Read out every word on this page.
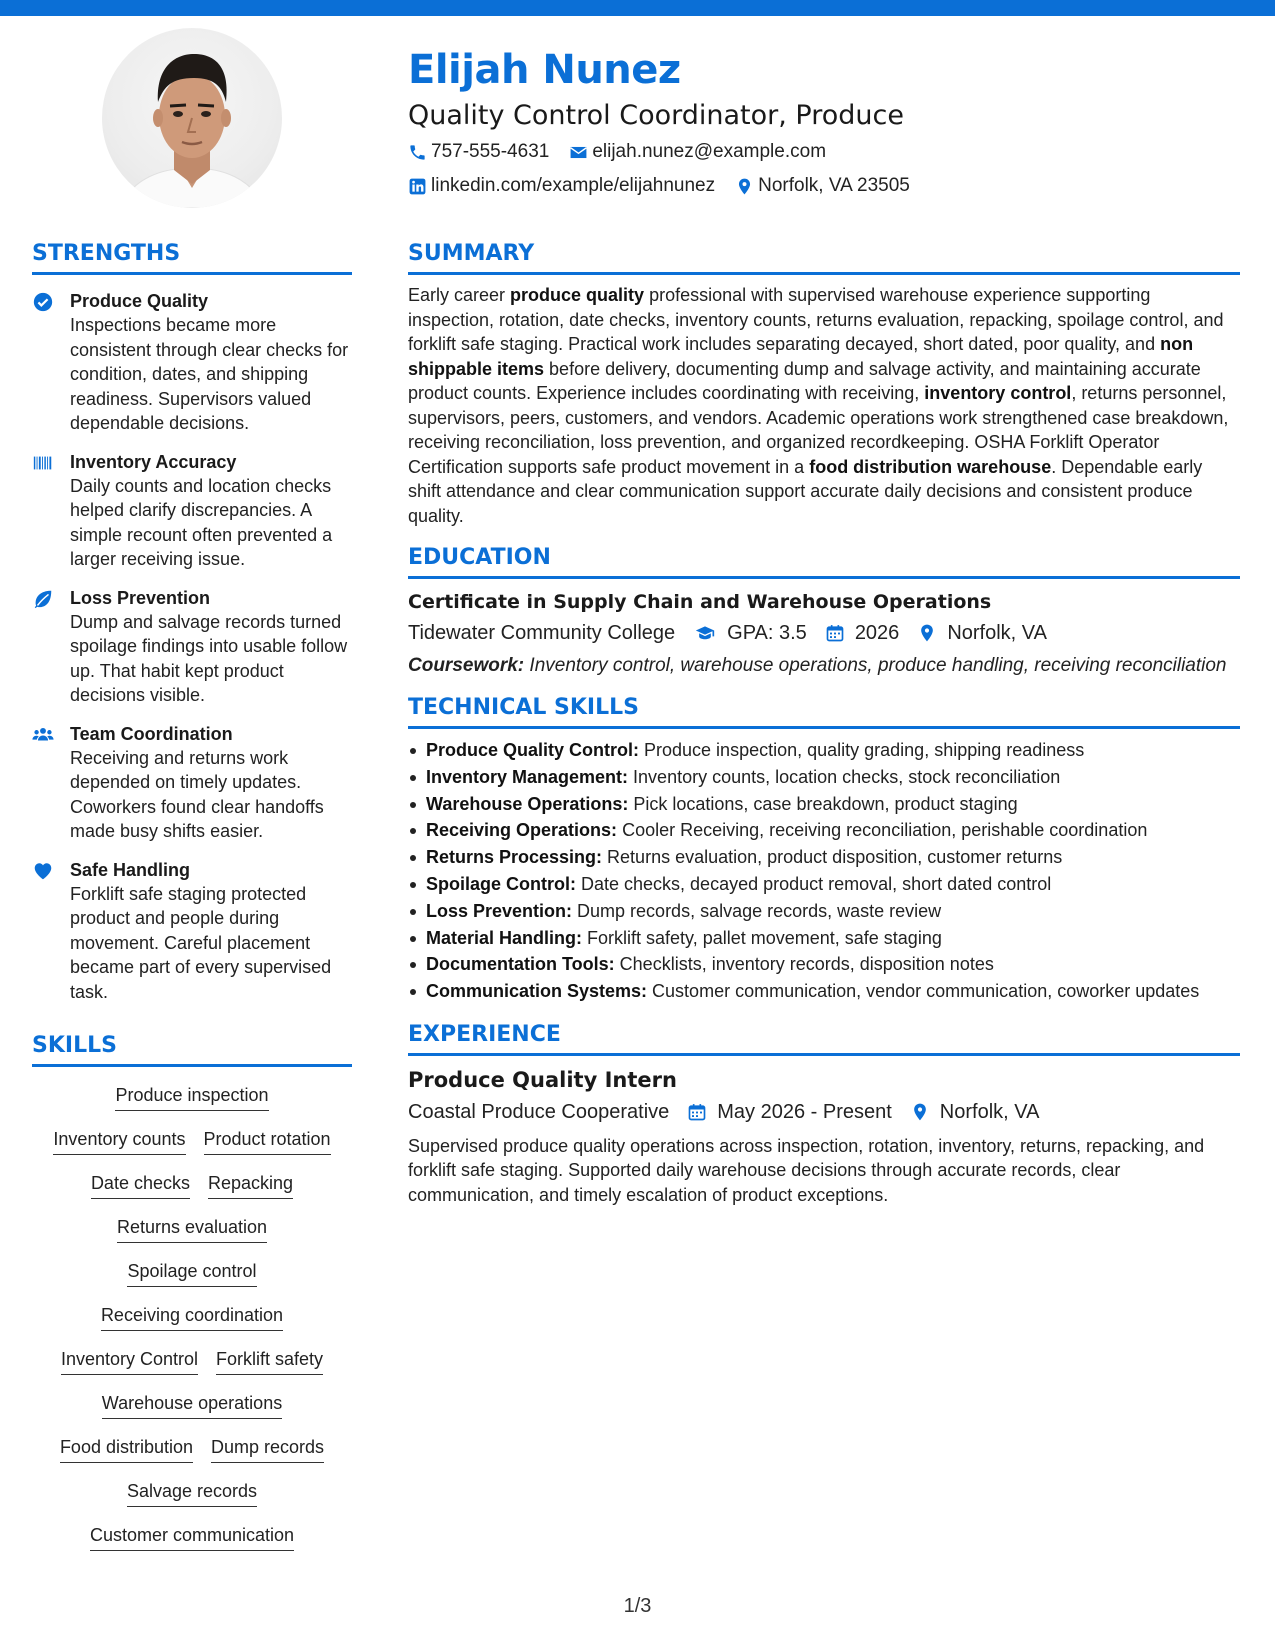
Elijah Nunez
Quality Control Coordinator, Produce
757-555-4631 elijah.nunez@example.com
linkedin.com/example/elijahnunez Norfolk, VA 23505
STRENGTHS
Produce Quality
Inspections became more consistent through clear checks for condition, dates, and shipping readiness. Supervisors valued dependable decisions.
Inventory Accuracy
Daily counts and location checks helped clarify discrepancies. A simple recount often prevented a larger receiving issue.
Loss Prevention
Dump and salvage records turned spoilage findings into usable follow up. That habit kept product decisions visible.
Team Coordination
Receiving and returns work depended on timely updates. Coworkers found clear handoffs made busy shifts easier.
Safe Handling
Forklift safe staging protected product and people during movement. Careful placement became part of every supervised task.
SKILLS
Produce inspection
Inventory counts Product rotation
Date checks Repacking
Returns evaluation
Spoilage control
Receiving coordination
Inventory Control Forklift safety
Warehouse operations
Food distribution Dump records
Salvage records
Customer communication
SUMMARY
Early career produce quality professional with supervised warehouse experience supporting inspection, rotation, date checks, inventory counts, returns evaluation, repacking, spoilage control, and forklift safe staging. Practical work includes separating decayed, short dated, poor quality, and non shippable items before delivery, documenting dump and salvage activity, and maintaining accurate product counts. Experience includes coordinating with receiving, inventory control, returns personnel, supervisors, peers, customers, and vendors. Academic operations work strengthened case breakdown, receiving reconciliation, loss prevention, and organized recordkeeping. OSHA Forklift Operator Certification supports safe product movement in a food distribution warehouse. Dependable early shift attendance and clear communication support accurate daily decisions and consistent produce quality.
EDUCATION
Certificate in Supply Chain and Warehouse Operations
Tidewater Community College	GPA: 3.5 2026 Norfolk, VA
Coursework: Inventory control, warehouse operations, produce handling, receiving reconciliation
TECHNICAL SKILLS
Produce Quality Control: Produce inspection, quality grading, shipping readiness
Inventory Management: Inventory counts, location checks, stock reconciliation
Warehouse Operations: Pick locations, case breakdown, product staging
Receiving Operations: Cooler Receiving, receiving reconciliation, perishable coordination
Returns Processing: Returns evaluation, product disposition, customer returns
Spoilage Control: Date checks, decayed product removal, short dated control
Loss Prevention: Dump records, salvage records, waste review
Material Handling: Forklift safety, pallet movement, safe staging
Documentation Tools: Checklists, inventory records, disposition notes
Communication Systems: Customer communication, vendor communication, coworker updates
EXPERIENCE
Produce Quality Intern
Coastal Produce Cooperative May 2026 - Present Norfolk, VA
Supervised produce quality operations across inspection, rotation, inventory, returns, repacking, and forklift safe staging. Supported daily warehouse decisions through accurate records, clear communication, and timely escalation of product exceptions.
1/3
